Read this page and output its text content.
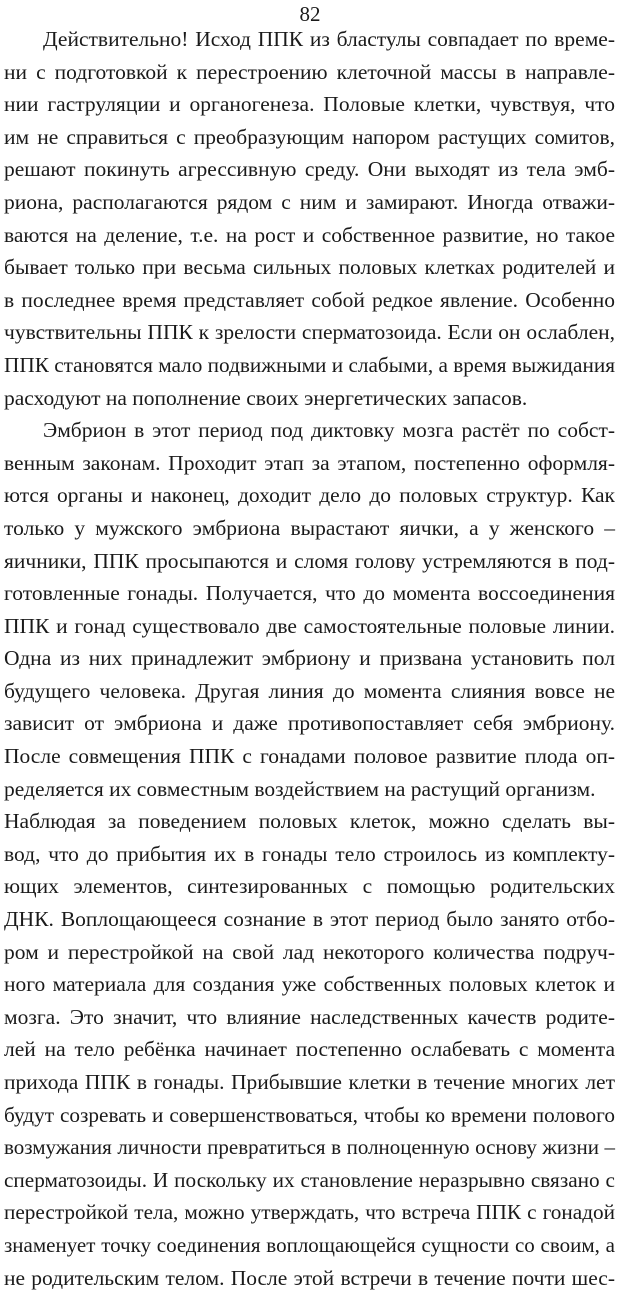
82
Действительно! Исход ППК из бластулы совпадает по време-
ни с подготовкой к перестроению клеточной массы в направле-
нии гаструляции и органогенеза. Половые клетки, чувствуя, что
им не справиться с преобразующим напором растущих сомитов,
решают покинуть агрессивную среду. Они выходят из тела эмб-
риона, располагаются рядом с ним и замирают. Иногда отважи-
ваются на деление, т.е. на рост и собственное развитие, но такое
бывает только при весьма сильных половых клетках родителей и
в последнее время представляет собой редкое явление. Особенно
чувствительны ППК к зрелости сперматозоида. Если он ослаблен,
ППК становятся мало подвижными и слабыми, а время выжидания
расходуют на пополнение своих энергетических запасов.
Эмбрион в этот период под диктовку мозга растёт по собст-
венным законам. Проходит этап за этапом, постепенно оформля-
ются органы и наконец, доходит дело до половых структур. Как
только у мужского эмбриона вырастают яички, а у женского –
яичники, ППК просыпаются и сломя голову устремляются в под-
готовленные гонады. Получается, что до момента воссоединения
ППК и гонад существовало две самостоятельные половые линии.
Одна из них принадлежит эмбриону и призвана установить пол
будущего человека. Другая линия до момента слияния вовсе не
зависит от эмбриона и даже противопоставляет себя эмбриону.
После совмещения ППК с гонадами половое развитие плода оп-
ределяется их совместным воздействием на растущий организм.
Наблюдая за поведением половых клеток, можно сделать вы-
вод, что до прибытия их в гонады тело строилось из комплекту-
ющих элементов, синтезированных с помощью родительских
ДНК. Воплощающееся сознание в этот период было занято отбо-
ром и перестройкой на свой лад некоторого количества подруч-
ного материала для создания уже собственных половых клеток и
мозга. Это значит, что влияние наследственных качеств родите-
лей на тело ребёнка начинает постепенно ослабевать с момента
прихода ППК в гонады. Прибывшие клетки в течение многих лет
будут созревать и совершенствоваться, чтобы ко времени полового
возмужания личности превратиться в полноценную основу жизни –
сперматозоиды. И поскольку их становление неразрывно связано с
перестройкой тела, можно утверждать, что встреча ППК с гонадой
знаменует точку соединения воплощающейся сущности со своим, а
не родительским телом. После этой встречи в течение почти шес-
